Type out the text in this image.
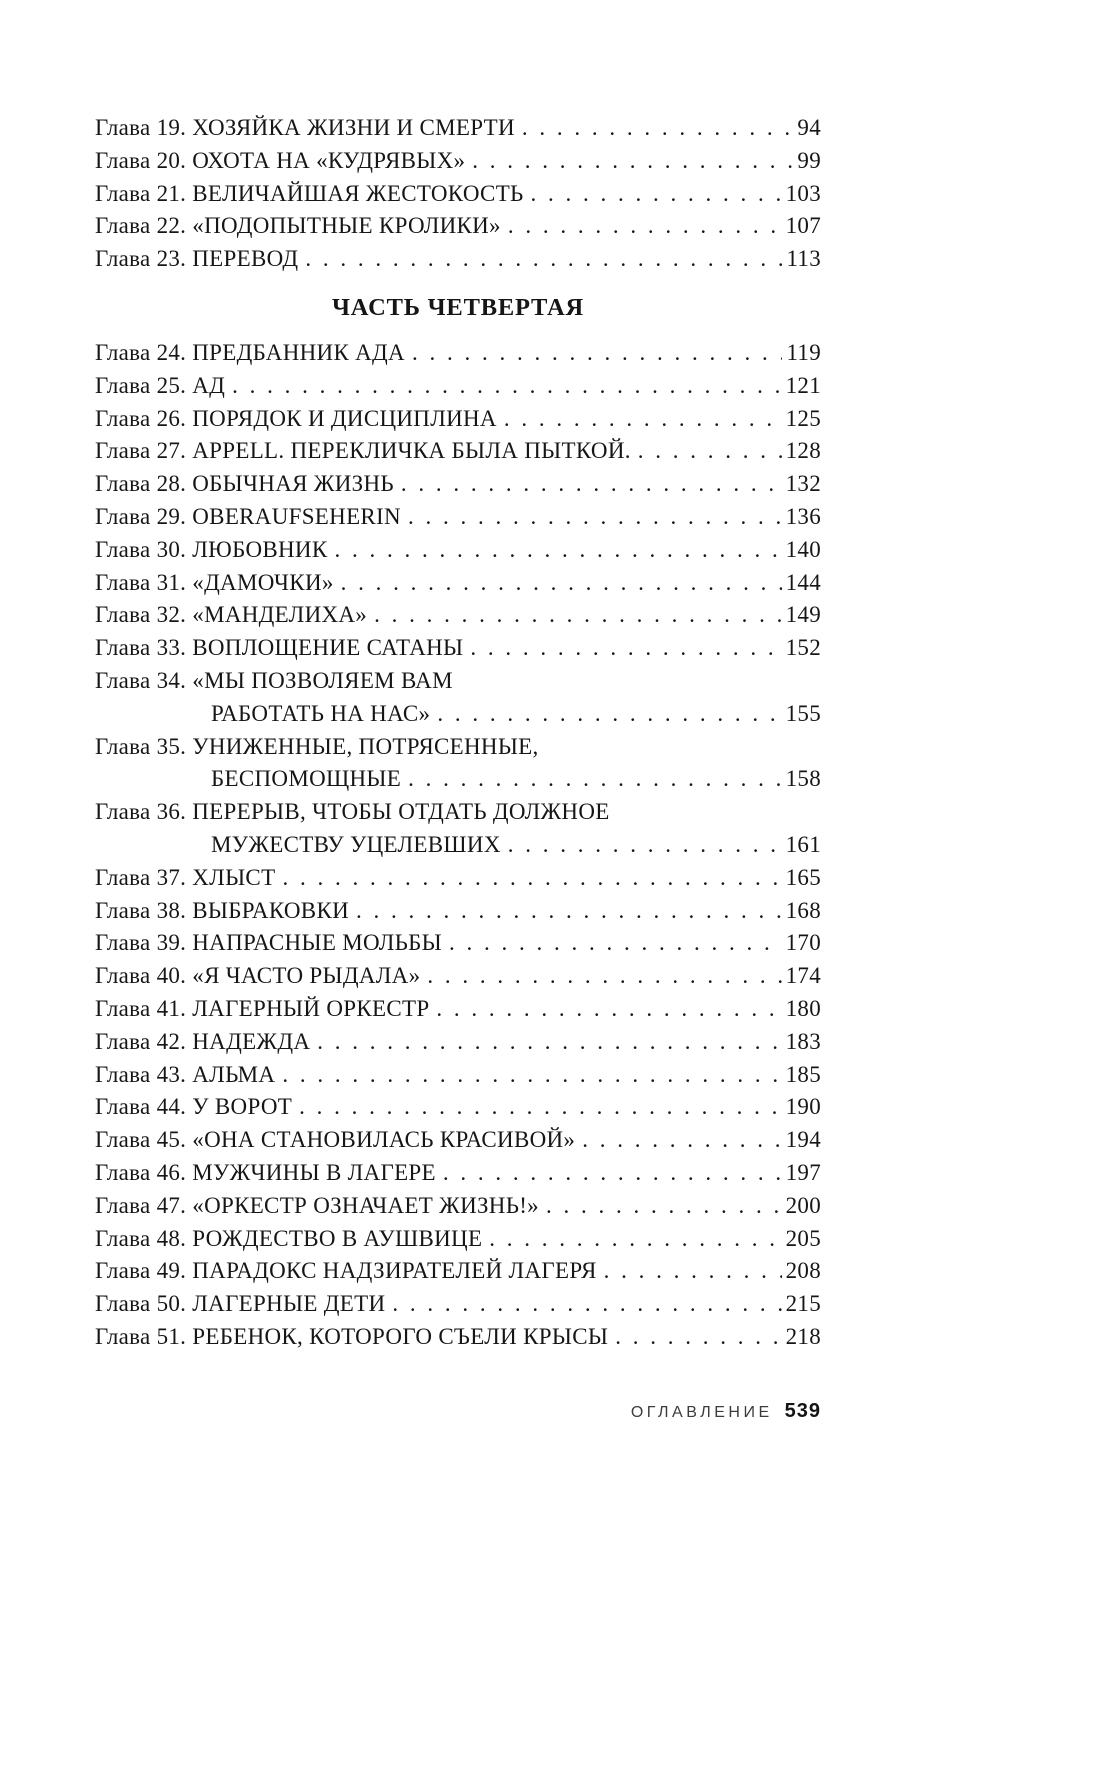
Глава 19. ХОЗЯЙКА ЖИЗНИ И СМЕРТИ . . .	94
Глава 20. ОХОТА НА «КУДРЯВЫХ» . . .	99
Глава 21. ВЕЛИЧАЙШАЯ ЖЕСТОКОСТЬ . . .	103
Глава 22. «ПОДОПЫТНЫЕ КРОЛИКИ» . . .	107
Глава 23. ПЕРЕВОД . . .	113
ЧАСТЬ ЧЕТВЕРТАЯ
Глава 24. ПРЕДБАННИК АДА . . .	119
Глава 25. АД . . .	121
Глава 26. ПОРЯДОК И ДИСЦИПЛИНА . . .	125
Глава 27. APPELL. ПЕРЕКЛИЧКА БЫЛА ПЫТКОЙ. . . .	128
Глава 28. ОБЫЧНАЯ ЖИЗНЬ . . .	132
Глава 29. OBERAUFSEHERIN . . .	136
Глава 30. ЛЮБОВНИК . . .	140
Глава 31. «ДАМОЧКИ» . . .	144
Глава 32. «МАНДЕЛИХА» . . .	149
Глава 33. ВОПЛОЩЕНИЕ САТАНЫ . . .	152
Глава 34. «МЫ ПОЗВОЛЯЕМ ВАМ
РАБОТАТЬ НА НАС» . . .	155
Глава 35. УНИЖЕННЫЕ, ПОТРЯСЕННЫЕ,
БЕСПОМОЩНЫЕ . . .	158
Глава 36. ПЕРЕРЫВ, ЧТОБЫ ОТДАТЬ ДОЛЖНОЕ
МУЖЕСТВУ УЦЕЛЕВШИХ . . .	161
Глава 37. ХЛЫСТ . . .	165
Глава 38. ВЫБРАКОВКИ . . .	168
Глава 39. НАПРАСНЫЕ МОЛЬБЫ . . .	170
Глава 40. «Я ЧАСТО РЫДАЛА» . . .	174
Глава 41. ЛАГЕРНЫЙ ОРКЕСТР . . .	180
Глава 42. НАДЕЖДА . . .	183
Глава 43. АЛЬМА . . .	185
Глава 44. У ВОРОТ . . .	190
Глава 45. «ОНА СТАНОВИЛАСЬ КРАСИВОЙ» . . .	194
Глава 46. МУЖЧИНЫ В ЛАГЕРЕ . . .	197
Глава 47. «ОРКЕСТР ОЗНАЧАЕТ ЖИЗНЬ!» . . .	200
Глава 48. РОЖДЕСТВО В АУШВИЦЕ . . .	205
Глава 49. ПАРАДОКС НАДЗИРАТЕЛЕЙ ЛАГЕРЯ . . .	208
Глава 50. ЛАГЕРНЫЕ ДЕТИ . . .	215
Глава 51. РЕБЕНОК, КОТОРОГО СЪЕЛИ КРЫСЫ . . .	218
ОГЛАВЛЕНИЕ 539
